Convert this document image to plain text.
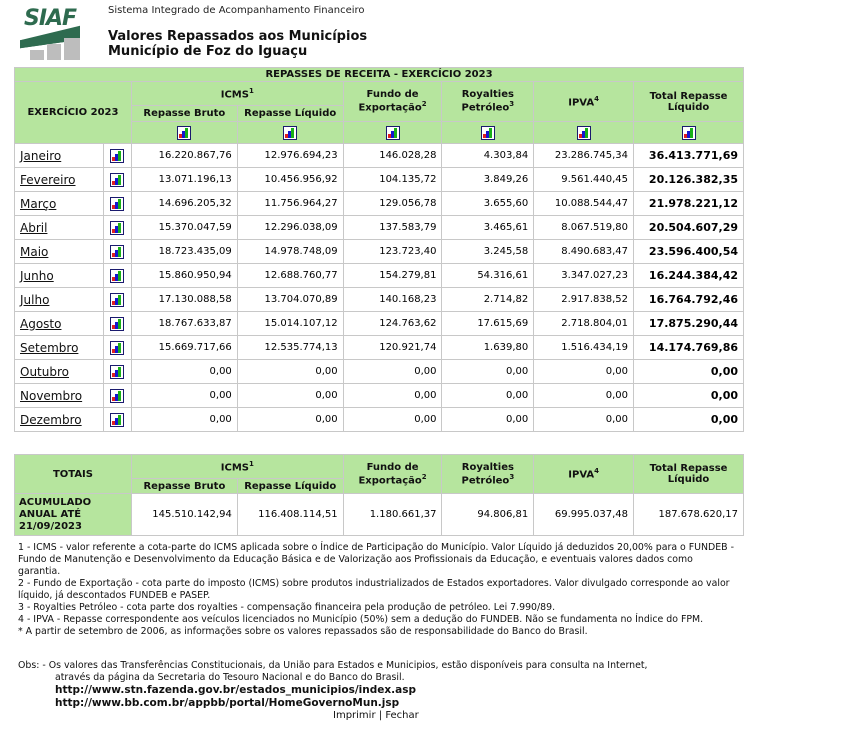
SIAF	Sistema Integrado de Acompanhamento Financeiro
Valores Repassados aos Municípios
Município de Foz do Iguaçu
REPASSES DE RECEITA - EXERCÍCIO 2023							
EXERCÍCIO 2023		ICMS$^1$		Fundo de
Exportação$^2$	Royalties
Petróleo$^3$	IPVA$^4$	Total Repasse
Líquido
		Repasse Bruto	Repasse Líquido				

Janeiro		16.220.867,76	12.976.694,23	146.028,28	4.303,84	23.286.745,34	36.413.771,69
Fevereiro		13.071.196,13	10.456.956,92	104.135,72	3.849,26	9.561.440,45	20.126.382,35
Março		14.696.205,32	11.756.964,27	129.056,78	3.655,60	10.088.544,47	21.978.221,12
Abril		15.370.047,59	12.296.038,09	137.583,79	3.465,61	8.067.519,80	20.504.607,29
Maio		18.723.435,09	14.978.748,09	123.723,40	3.245,58	8.490.683,47	23.596.400,54
Junho		15.860.950,94	12.688.760,77	154.279,81	54.316,61	3.347.027,23	16.244.384,42
Julho		17.130.088,58	13.704.070,89	140.168,23	2.714,82	2.917.838,52	16.764.792,46
Agosto		18.767.633,87	15.014.107,12	124.763,62	17.615,69	2.718.804,01	17.875.290,44
Setembro		15.669.717,66	12.535.774,13	120.921,74	1.639,80	1.516.434,19	14.174.769,86
Outubro		0,00	0,00	0,00	0,00	0,00	0,00
Novembro		0,00	0,00	0,00	0,00	0,00	0,00
Dezembro		0,00	0,00	0,00	0,00	0,00	0,00
TOTAIS	ICMS$^1$		Fundo de
Exportação$^2$	Royalties
Petróleo$^3$	IPVA$^4$	Total Repasse
Líquido
	Repasse Bruto	Repasse Líquido				
ACUMULADO
ANUAL ATÉ
21/09/2023	145.510.142,94	116.408.114,51	1.180.661,37	94.806,81	69.995.037,48	187.678.620,17

1 - ICMS - valor referente a cota-parte do ICMS aplicada sobre o Índice de Participação do Município. Valor Líquido já deduzidos 20,00% para o FUNDEB - Fundo de Manutenção e Desenvolvimento da Educação Básica e de Valorização aos Profissionais da Educação, e eventuais valores dados como garantia.

2 - Fundo de Exportação - cota parte do imposto (ICMS) sobre produtos industrializados de Estados exportadores. Valor divulgado corresponde ao valor líquido, já descontados FUNDEB e PASEP.

3 - Royalties Petróleo - cota parte dos royalties - compensação financeira pela produção de petróleo. Lei 7.990/89.

4 - IPVA - Repasse correspondente aos veículos licenciados no Município (50%) sem a dedução do FUNDEB. Não se fundamenta no Índice do FPM.

* A partir de setembro de 2006, as informações sobre os valores repassados são de responsabilidade do Banco do Brasil.

Obs: - Os valores das Transferências Constitucionais, da União para Estados e Municipios, estão disponíveis para consulta na Internet,
através da página da Secretaria do Tesouro Nacional e do Banco do Brasil.
http://www.stn.fazenda.gov.br/estados_municipios/index.asp
http://www.bb.com.br/appbb/portal/HomeGovernoMun.jsp
Imprimir | Fechar
